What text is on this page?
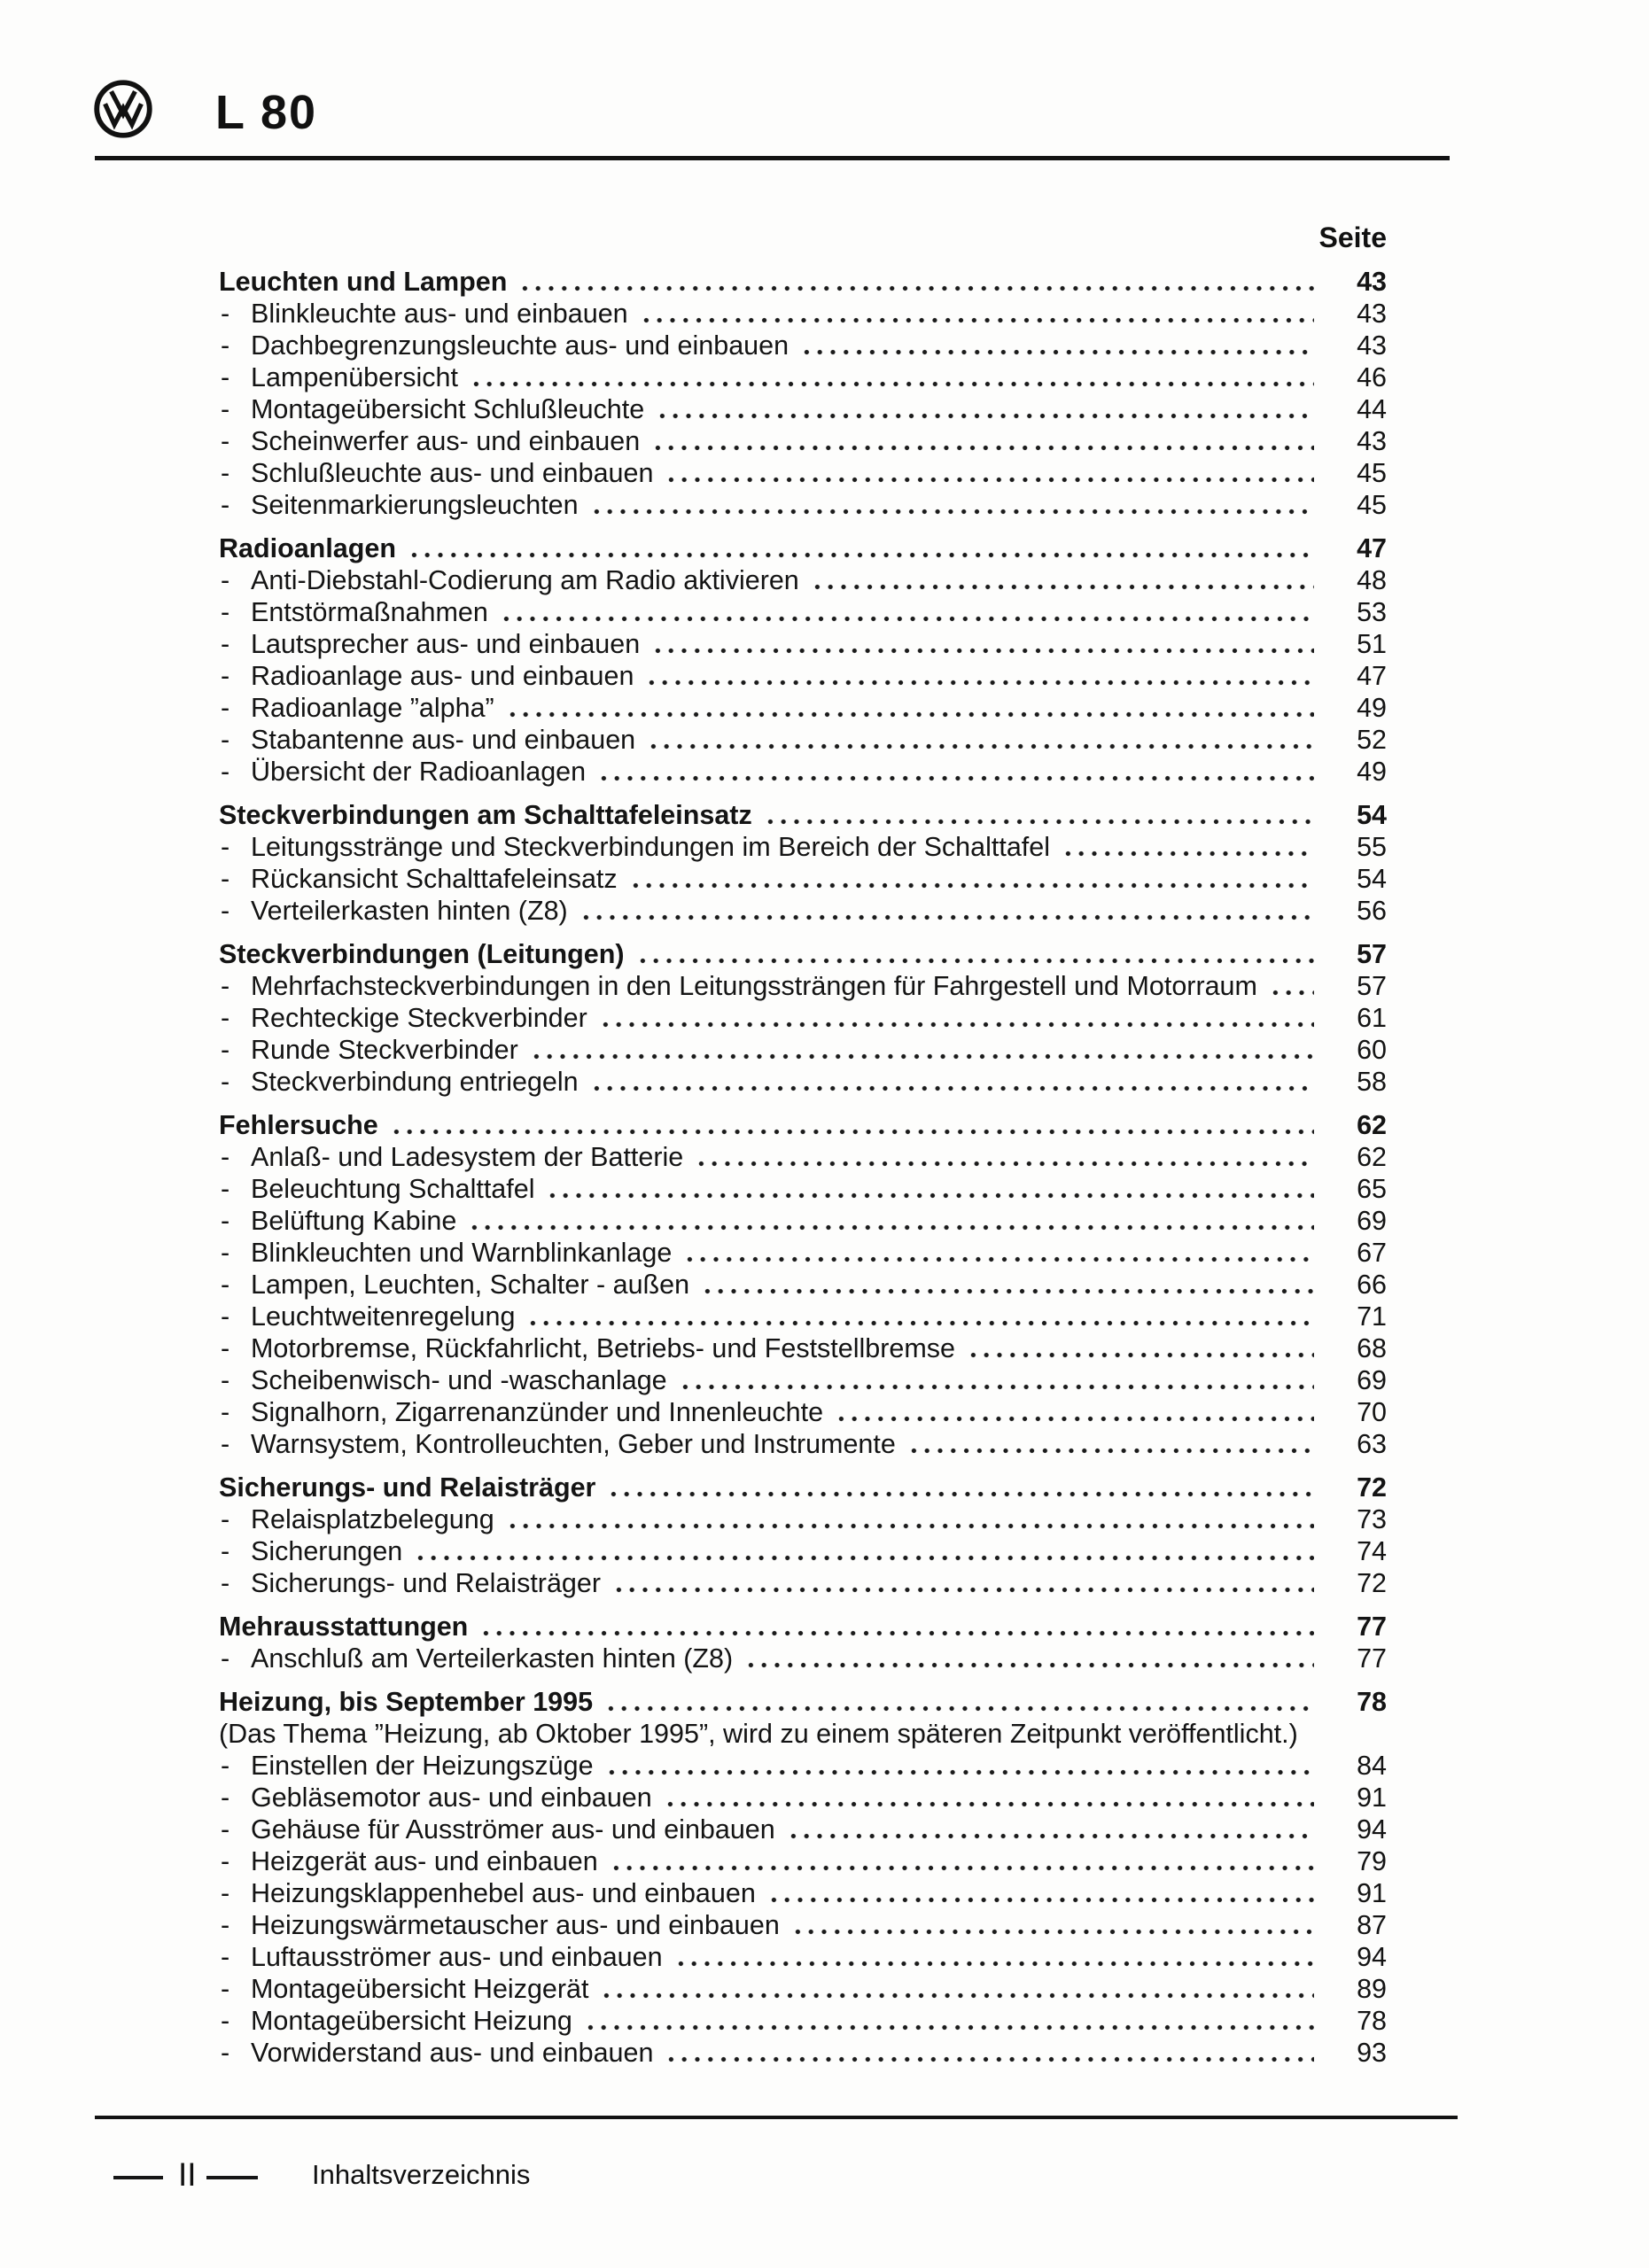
L 80
Seite
Leuchten und Lampen	43
- Blinkleuchte aus- und einbauen	43
- Dachbegrenzungsleuchte aus- und einbauen	43
- Lampenübersicht	46
- Montageübersicht Schlußleuchte	44
- Scheinwerfer aus- und einbauen	43
- Schlußleuchte aus- und einbauen	45
- Seitenmarkierungsleuchten	45
Radioanlagen	47
- Anti-Diebstahl-Codierung am Radio aktivieren	48
- Entstörmaßnahmen	53
- Lautsprecher aus- und einbauen	51
- Radioanlage aus- und einbauen	47
- Radioanlage ”alpha”	49
- Stabantenne aus- und einbauen	52
- Übersicht der Radioanlagen	49
Steckverbindungen am Schalttafeleinsatz	54
- Leitungsstränge und Steckverbindungen im Bereich der Schalttafel	55
- Rückansicht Schalttafeleinsatz	54
- Verteilerkasten hinten (Z8)	56
Steckverbindungen (Leitungen)	57
- Mehrfachsteckverbindungen in den Leitungssträngen für Fahrgestell und Motorraum	57
- Rechteckige Steckverbinder	61
- Runde Steckverbinder	60
- Steckverbindung entriegeln	58
Fehlersuche	62
- Anlaß- und Ladesystem der Batterie	62
- Beleuchtung Schalttafel	65
- Belüftung Kabine	69
- Blinkleuchten und Warnblinkanlage	67
- Lampen, Leuchten, Schalter - außen	66
- Leuchtweitenregelung	71
- Motorbremse, Rückfahrlicht, Betriebs- und Feststellbremse	68
- Scheibenwisch- und -waschanlage	69
- Signalhorn, Zigarrenanzünder und Innenleuchte	70
- Warnsystem, Kontrolleuchten, Geber und Instrumente	63
Sicherungs- und Relaisträger	72
- Relaisplatzbelegung	73
- Sicherungen	74
- Sicherungs- und Relaisträger	72
Mehrausstattungen	77
- Anschluß am Verteilerkasten hinten (Z8)	77
Heizung, bis September 1995	78
(Das Thema ”Heizung, ab Oktober 1995”, wird zu einem späteren Zeitpunkt veröffentlicht.)
- Einstellen der Heizungszüge	84
- Gebläsemotor aus- und einbauen	91
- Gehäuse für Ausströmer aus- und einbauen	94
- Heizgerät aus- und einbauen	79
- Heizungsklappenhebel aus- und einbauen	91
- Heizungswärmetauscher aus- und einbauen	87
- Luftausströmer aus- und einbauen	94
- Montageübersicht Heizgerät	89
- Montageübersicht Heizung	78
- Vorwiderstand aus- und einbauen	93
II	Inhaltsverzeichnis
